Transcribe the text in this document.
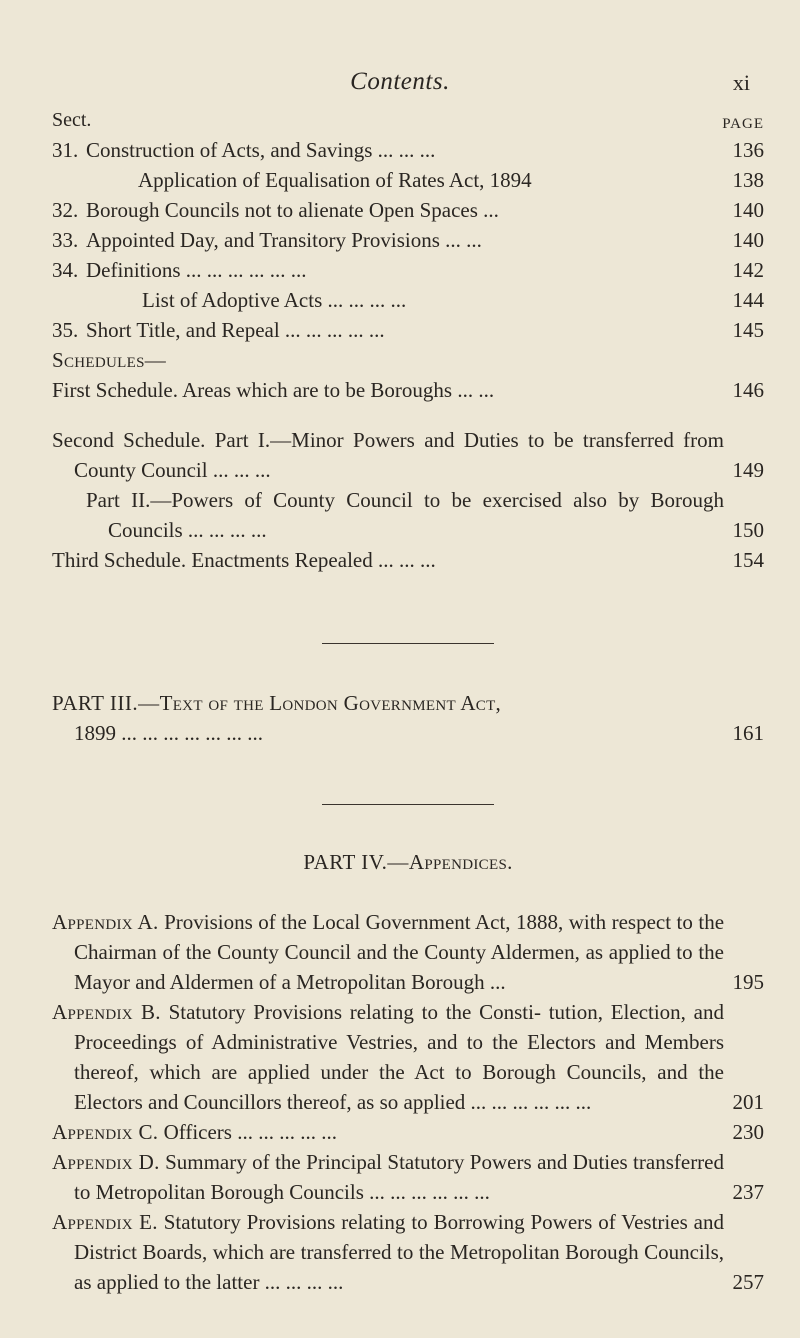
Contents.	xi
Sect.	PAGE
31. Construction of Acts, and Savings ... ... ...	136
Application of Equalisation of Rates Act, 1894	138
32. Borough Councils not to alienate Open Spaces ...	140
33. Appointed Day, and Transitory Provisions ... ...	140
34. Definitions ... ... ... ... ... ...	142
List of Adoptive Acts ... ... ... ...	144
35. Short Title, and Repeal ... ... ... ... ...	145
Schedules—
First Schedule. Areas which are to be Boroughs ... ...	146
Second Schedule. Part I.—Minor Powers and Duties to be transferred from County Council ... ... ...	149
Part II.—Powers of County Council to be exercised also by Borough Councils ... ... ... ...	150
Third Schedule. Enactments Repealed ... ... ...	154
PART III.—Text of the London Government Act,
1899 ... ... ... ... ... ... ...	161
PART IV.—Appendices.
Appendix A. Provisions of the Local Government Act, 1888, with respect to the Chairman of the County Council and the County Aldermen, as applied to the Mayor and Aldermen of a Metropolitan Borough ...	195
Appendix B. Statutory Provisions relating to the Consti- tution, Election, and Proceedings of Administrative Vestries, and to the Electors and Members thereof, which are applied under the Act to Borough Councils, and the Electors and Councillors thereof, as so applied ... ... ... ... ... ...	201
Appendix C. Officers ... ... ... ... ...	230
Appendix D. Summary of the Principal Statutory Powers and Duties transferred to Metropolitan Borough Councils ... ... ... ... ... ...	237
Appendix E. Statutory Provisions relating to Borrowing Powers of Vestries and District Boards, which are transferred to the Metropolitan Borough Councils, as applied to the latter ... ... ... ...	257
